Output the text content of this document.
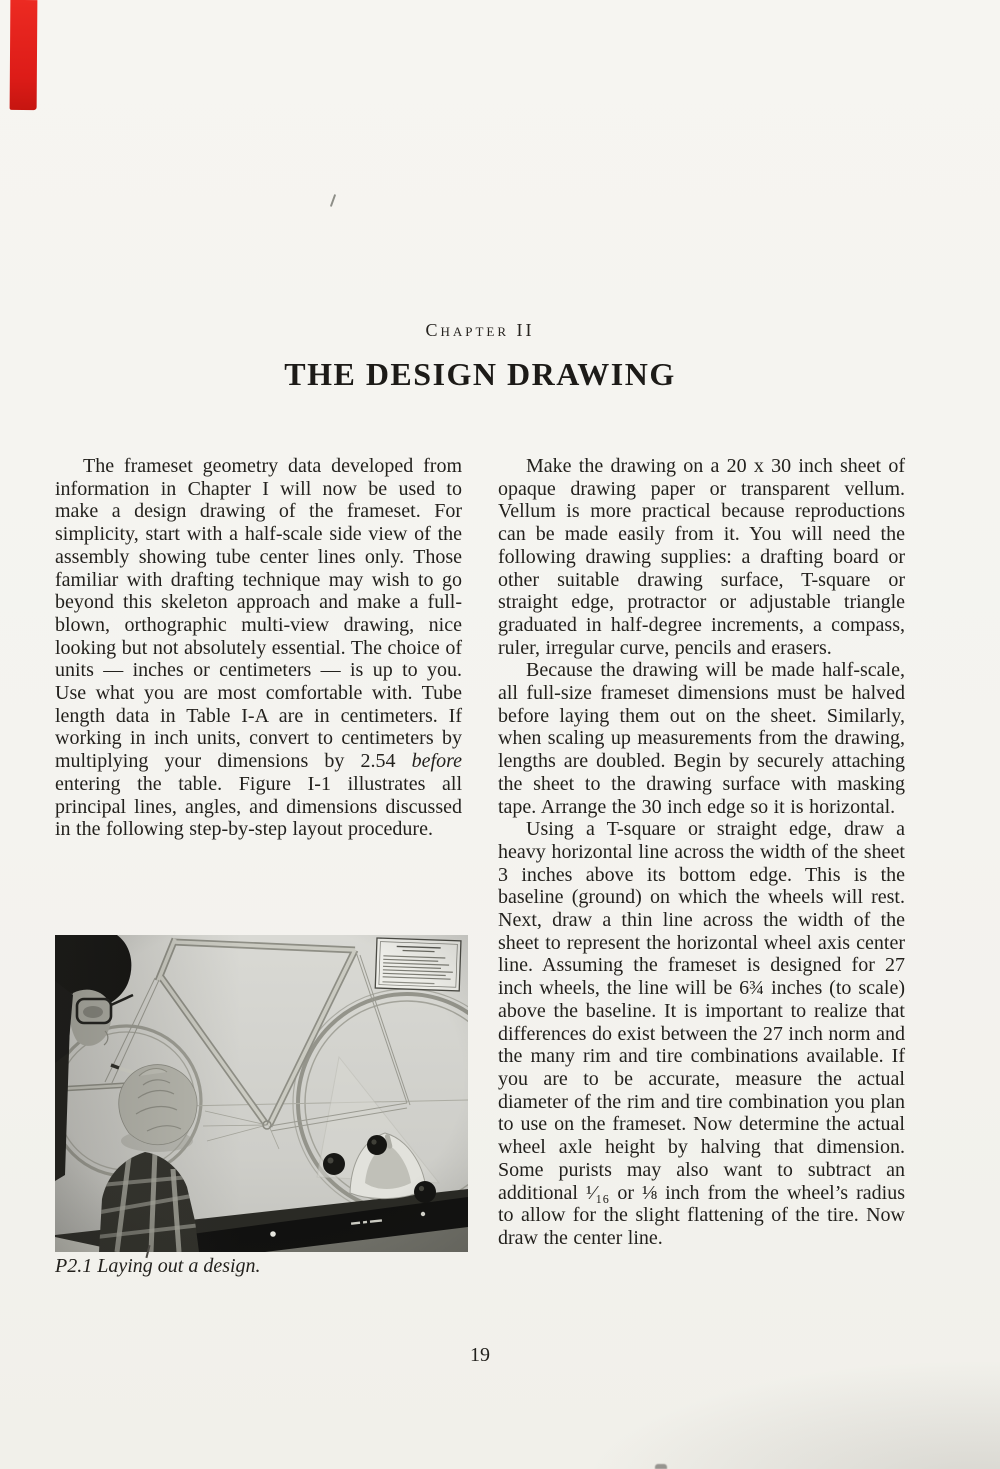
Chapter II
THE DESIGN DRAWING

The frameset geometry data developed from information in Chapter I will now be used to make a design drawing of the frameset. For simplicity, start with a half-scale side view of the assembly showing tube center lines only. Those familiar with drafting technique may wish to go beyond this skeleton approach and make a full-blown, orthographic multi-view drawing, nice looking but not absolutely essential. The choice of units — inches or centimeters — is up to you. Use what you are most comfortable with. Tube length data in Table I-A are in centimeters. If working in inch units, convert to centimeters by multiplying your dimensions by 2.54 before entering the table. Figure I-1 illustrates all principal lines, angles, and dimensions discussed in the following step-by-step layout procedure.

Make the drawing on a 20 x 30 inch sheet of opaque drawing paper or transparent vellum. Vellum is more practical because reproductions can be made easily from it. You will need the following drawing supplies: a drafting board or other suitable drawing surface, T-square or straight edge, protractor or adjustable triangle graduated in half-degree increments, a compass, ruler, irregular curve, pencils and erasers.

Because the drawing will be made half-scale, all full-size frameset dimensions must be halved before laying them out on the sheet. Similarly, when scaling up measurements from the drawing, lengths are doubled. Begin by securely attaching the sheet to the drawing surface with masking tape. Arrange the 30 inch edge so it is horizontal.

Using a T-square or straight edge, draw a heavy horizontal line across the width of the sheet 3 inches above its bottom edge. This is the baseline (ground) on which the wheels will rest. Next, draw a thin line across the width of the sheet to represent the horizontal wheel axis center line. Assuming the frameset is designed for 27 inch wheels, the line will be 6¾ inches (to scale) above the baseline. It is important to realize that differences do exist between the 27 inch norm and the many rim and tire combinations available. If you are to be accurate, measure the actual diameter of the rim and tire combination you plan to use on the frameset. Now determine the actual wheel axle height by halving that dimension. Some purists may also want to subtract an additional ¹⁄₁₆ or ⅛ inch from the wheel’s radius to allow for the slight flattening of the tire. Now draw the center line.

P2.1 Laying out a design.
19
